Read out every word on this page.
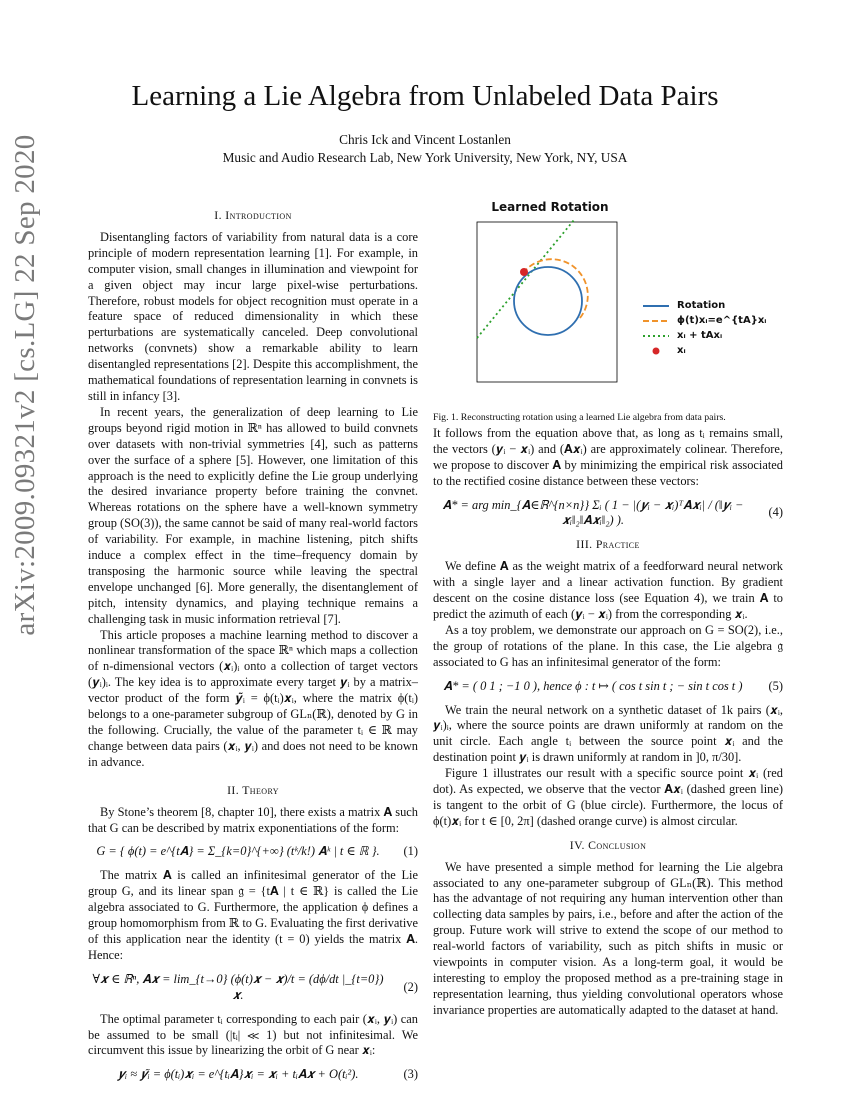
Learning a Lie Algebra from Unlabeled Data Pairs
Chris Ick and Vincent Lostanlen
Music and Audio Research Lab, New York University, New York, NY, USA
arXiv:2009.09321v2 [cs.LG] 22 Sep 2020	I. Introduction

Disentangling factors of variability from natural data is a core principle of modern representation learning [1]. For example, in computer vision, small changes in illumination and viewpoint for a given object may incur large pixel-wise perturbations. Therefore, robust models for object recognition must operate in a feature space of reduced dimensionality in which these perturbations are systematically canceled. Deep convolutional networks (convnets) show a remarkable ability to learn disentangled representations [2]. Despite this accomplishment, the mathematical foundations of representation learning in convnets is still in infancy [3].

In recent years, the generalization of deep learning to Lie groups beyond rigid motion in ℝⁿ has allowed to build convnets over datasets with non-trivial symmetries [4], such as patterns over the surface of a sphere [5]. However, one limitation of this approach is the need to explicitly define the Lie group underlying the desired invariance property before training the convnet. Whereas rotations on the sphere have a well-known symmetry group (SO(3)), the same cannot be said of many real-world factors of variability. For example, in machine listening, pitch shifts induce a complex effect in the time–frequency domain by transposing the harmonic source while leaving the spectral envelope unchanged [6]. More generally, the disentanglement of pitch, intensity dynamics, and playing technique remains a challenging task in music information retrieval [7].

This article proposes a machine learning method to discover a nonlinear transformation of the space ℝⁿ which maps a collection of n-dimensional vectors (𝒙ᵢ)ᵢ onto a collection of target vectors (𝒚ᵢ)ᵢ. The key idea is to approximate every target 𝒚ᵢ by a matrix–vector product of the form 𝒚̃ᵢ = ϕ(tᵢ)𝒙ᵢ, where the matrix ϕ(tᵢ) belongs to a one-parameter subgroup of GLₙ(ℝ), denoted by G in the following. Crucially, the value of the parameter tᵢ ∈ ℝ may change between data pairs (𝒙ᵢ, 𝒚ᵢ) and does not need to be known in advance.

II. Theory

By Stone’s theorem [8, chapter 10], there exists a matrix 𝐀 such that G can be described by matrix exponentiations of the form:

G = { ϕ(t) = e^{t𝐀} = Σ_{k=0}^{+∞} (tᵏ/k!) 𝐀ᵏ | t ∈ ℝ }.	(1)

The matrix 𝐀 is called an infinitesimal generator of the Lie group G, and its linear span 𝔤 = {t𝐀 | t ∈ ℝ} is called the Lie algebra associated to G. Furthermore, the application ϕ defines a group homomorphism from ℝ to G. Evaluating the first derivative of this application near the identity (t = 0) yields the matrix 𝐀. Hence:

∀𝒙 ∈ ℝⁿ, 𝐀𝒙 = lim_{t→0} (ϕ(t)𝒙 − 𝒙)/t = (dϕ/dt |_{t=0}) 𝒙.
(2)

The optimal parameter tᵢ corresponding to each pair (𝒙ᵢ, 𝒚ᵢ) can be assumed to be small (|tᵢ| ≪ 1) but not infinitesimal. We circumvent this issue by linearizing the orbit of G near 𝒙ᵢ:

𝒚ᵢ ≈ 𝒚̃ᵢ = ϕ(tᵢ)𝒙ᵢ = e^{tᵢ𝐀}𝒙ᵢ = 𝒙ᵢ + tᵢ𝐀𝒙 + O(tᵢ²).	(3)
Learned Rotation
Rotation
ϕ(t)xᵢ=e^{tA}xᵢ
xᵢ + tAxᵢ
xᵢ

Fig. 1. Reconstructing rotation using a learned Lie algebra from data pairs.

It follows from the equation above that, as long as tᵢ remains small, the vectors (𝒚ᵢ − 𝒙ᵢ) and (𝐀𝒙ᵢ) are approximately colinear. Therefore, we propose to discover 𝐀 by minimizing the empirical risk associated to the rectified cosine distance between these vectors:

𝐀* = arg min_{𝐀∈ℝ^{n×n}} Σᵢ ( 1 − |(𝒚ᵢ − 𝒙ᵢ)ᵀ𝐀𝒙ᵢ| / (‖𝒚ᵢ − 𝒙ᵢ‖₂‖𝐀𝒙ᵢ‖₂) ).
(4)
III. Practice

We define 𝐀 as the weight matrix of a feedforward neural network with a single layer and a linear activation function. By gradient descent on the cosine distance loss (see Equation 4), we train 𝐀 to predict the azimuth of each (𝒚ᵢ − 𝒙ᵢ) from the corresponding 𝒙ᵢ.

As a toy problem, we demonstrate our approach on G = SO(2), i.e., the group of rotations of the plane. In this case, the Lie algebra 𝔤 associated to G has an infinitesimal generator of the form:

𝐀* = ( 0 1 ; −1 0 ), hence ϕ : t ↦ ( cos t sin t ; − sin t cos t )	(5)

We train the neural network on a synthetic dataset of 1k pairs (𝒙ᵢ, 𝒚ᵢ)ᵢ, where the source points are drawn uniformly at random on the unit circle. Each angle tᵢ between the source point 𝒙ᵢ and the destination point 𝒚ᵢ is drawn uniformly at random in ]0, π/30].

Figure 1 illustrates our result with a specific source point 𝒙ᵢ (red dot). As expected, we observe that the vector 𝐀𝒙ᵢ (dashed green line) is tangent to the orbit of G (blue circle). Furthermore, the locus of ϕ(t)𝒙ᵢ for t ∈ [0, 2π] (dashed orange curve) is almost circular.

IV. Conclusion

We have presented a simple method for learning the Lie algebra associated to any one-parameter subgroup of GLₙ(ℝ). This method has the advantage of not requiring any human intervention other than collecting data samples by pairs, i.e., before and after the action of the group. Future work will strive to extend the scope of our method to real-world factors of variability, such as pitch shifts in music or viewpoints in computer vision. As a long-term goal, it would be interesting to employ the proposed method as a pre-training stage in representation learning, thus yielding convolutional operators whose invariance properties are automatically adapted to the dataset at hand.
